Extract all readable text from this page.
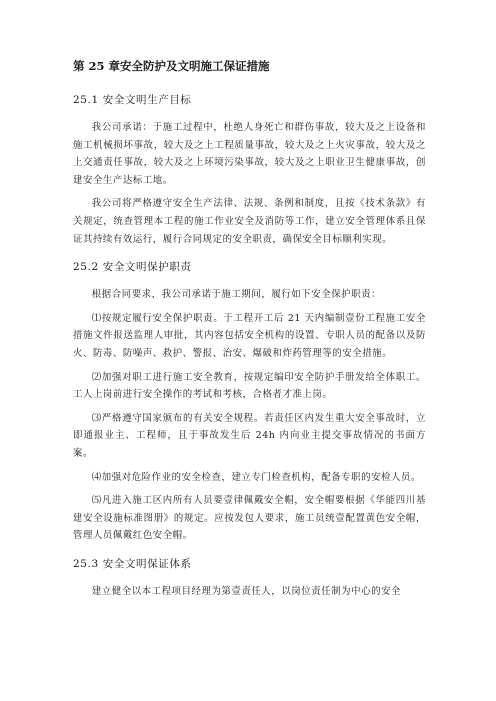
第 25 章安全防护及文明施工保证措施
25.1 安全文明生产目标

我公司承诺：于施工过程中，杜绝人身死亡和群伤事故，较大及之上设备和施工机械损坏事故，较大及之上工程质量事故，较大及之上火灾事故，较大及之上交通责任事故，较大及之上环境污染事故，较大及之上职业卫生健康事故，创建安全生产达标工地。

我公司将严格遵守安全生产法律、法规、条例和制度，且按《技术条款》有关规定，统查管理本工程的施工作业安全及消防等工作，建立安全管理体系且保证其持续有效运行，履行合同规定的安全职责，确保安全目标顺利实现。

25.2 安全文明保护职责

根据合同要求，我公司承诺于施工期间，履行如下安全保护职责：

⑴按规定履行安全保护职责。于工程开工后 21 天内编制壹份工程施工安全措施文件报送监理人审批，其内容包括安全机构的设置、专职人员的配备以及防火、防毒、防噪声、救护、警报、治安、爆破和炸药管理等的安全措施。

⑵加强对职工进行施工安全教育，按规定编印安全防护手册发给全体职工。工人上岗前进行安全操作的考试和考核，合格者才准上岗。

⑶严格遵守国家颁布的有关安全规程。若责任区内发生重大安全事故时，立即通报业主、工程师，且于事故发生后 24h 内向业主提交事故情况的书面方案。

⑷加强对危险作业的安全检查，建立专门检查机构，配备专职的安检人员。

⑸凡进入施工区内所有人员要壹律佩戴安全帽，安全帽要根据《华能四川基建安全设施标准图册》的规定。应按发包人要求，施工员统壹配置黄色安全帽，管理人员佩戴红色安全帽。

25.3 安全文明保证体系

建立健全以本工程项目经理为第壹责任人，以岗位责任制为中心的安全
